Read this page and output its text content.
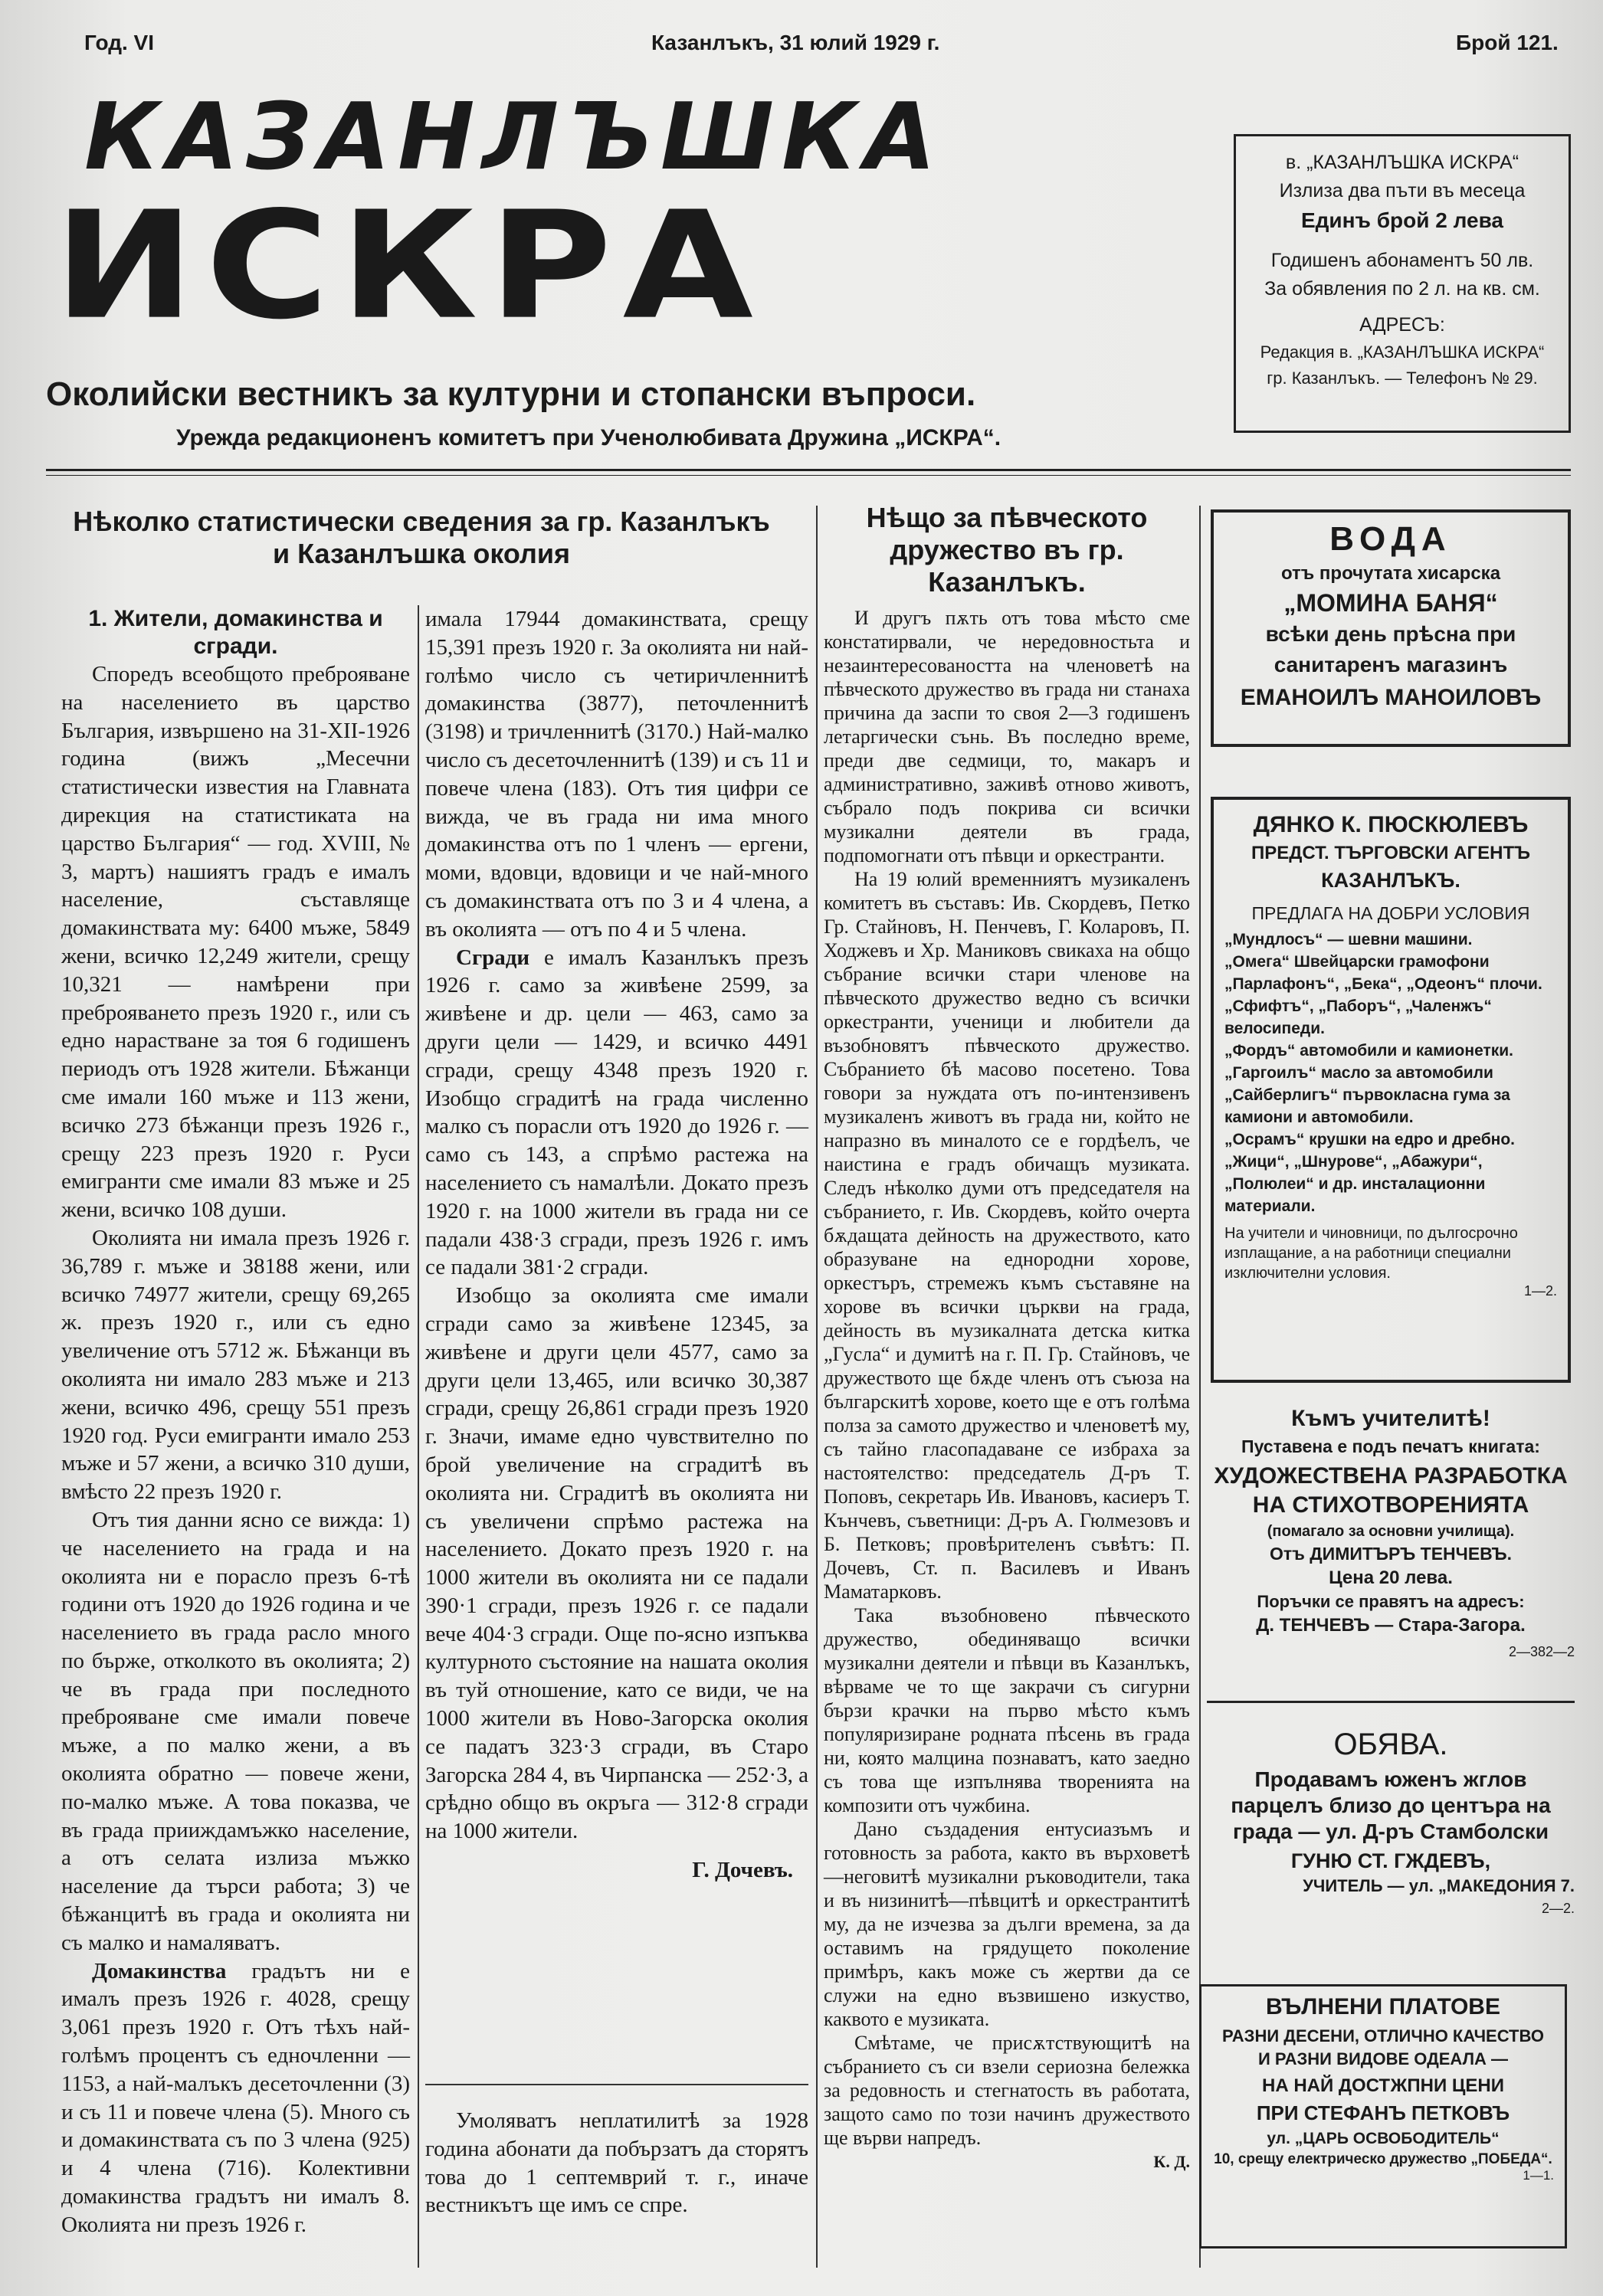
Год. VI	Казанлъкъ, 31 юлий 1929 г.	Брой 121.
КАЗАНЛЪШКА
ИСКРА
Околийски вестникъ за културни и стопански въпроси.
Урежда редакционенъ комитетъ при Ученолюбивата Дружина „ИСКРА“.
в. „КАЗАНЛЪШКА ИСКРА“
Излиза два пъти въ месеца
Единъ брой 2 лева
Годишенъ абонаментъ 50 лв.
За обявления по 2 л. на кв. см.
АДРЕСЪ:
Редакция в. „КАЗАНЛЪШКА ИСКРА“
гр. Казанлъкъ. — Телефонъ № 29.
Нѣколко статистически сведения за гр. Казанлъкъ и Казанлъшка околия
1. Жители, домакинства и сгради.

Споредъ всеобщото преброяване на населението въ царство България, извършено на 31-XII-1926 година (вижъ „Месечни статистически известия на Главната дирекция на статистиката на царство България“ — год. XVIII, № 3, мартъ) нашиятъ градъ е ималъ население, съставляще домакинствата му: 6400 мъже, 5849 жени, всичко 12,249 жители, срещу 10,321 — намѣрени при преброяването презъ 1920 г., или съ едно нарастване за тоя 6 годишенъ периодъ отъ 1928 жители. Бѣжанци сме имали 160 мъже и 113 жени, всичко 273 бѣжанци презъ 1926 г., срещу 223 презъ 1920 г. Руси емигранти сме имали 83 мъже и 25 жени, всичко 108 души.

Околията ни имала презъ 1926 г. 36,789 г. мъже и 38188 жени, или всичко 74977 жители, срещу 69,265 ж. презъ 1920 г., или съ едно увеличение отъ 5712 ж. Бѣжанци въ околията ни имало 283 мъже и 213 жени, всичко 496, срещу 551 презъ 1920 год. Руси емигранти имало 253 мъже и 57 жени, а всичко 310 души, вмѣсто 22 презъ 1920 г.

Отъ тия данни ясно се вижда: 1) че населението на града и на околията ни е порасло презъ 6-тѣ години отъ 1920 до 1926 година и че населението въ града расло много по бърже, отколкото въ околията; 2) че въ града при последното преброяване сме имали повече мъже, а по малко жени, а въ околията обратно — повече жени, по-малко мъже. А това показва, че въ града прииждамъжко население, а отъ селата излиза мъжко население да търси работа; 3) че бѣжанцитѣ въ града и околията ни съ малко и намаляватъ.

Домакинства градътъ ни е ималъ презъ 1926 г. 4028, срещу 3,061 презъ 1920 г. Отъ тѣхъ най-голѣмъ процентъ съ едночленни — 1153, а най-малъкъ десеточленни (3) и съ 11 и повече члена (5). Много съ и домакинствата съ по 3 члена (925) и 4 члена (716). Колективни домакинства градътъ ни ималъ 8. Околията ни презъ 1926 г.

имала 17944 домакинствата, срещу 15,391 презъ 1920 г. За околията ни най-голѣмо число съ четиричленнитѣ домакинства (3877), петочленнитѣ (3198) и тричленнитѣ (3170.) Най-малко число съ десеточленнитѣ (139) и съ 11 и повече члена (183). Отъ тия цифри се вижда, че въ града ни има много домакинства отъ по 1 членъ — ергени, моми, вдовци, вдовици и че най-много съ домакинствата отъ по 3 и 4 члена, а въ околията — отъ по 4 и 5 члена.

Сгради е ималъ Казанлъкъ презъ 1926 г. само за живѣене 2599, за живѣене и др. цели — 463, само за други цели — 1429, и всичко 4491 сгради, срещу 4348 презъ 1920 г. Изобщо сградитѣ на града численно малко съ порасли отъ 1920 до 1926 г. — само съ 143, а спрѣмо растежа на населението съ намалѣли. Докато презъ 1920 г. на 1000 жители въ града ни се падали 438·3 сгради, презъ 1926 г. имъ се падали 381·2 сгради.

Изобщо за околията сме имали сгради само за живѣене 12345, за живѣене и други цели 4577, само за други цели 13,465, или всичко 30,387 сгради, срещу 26,861 сгради презъ 1920 г. Значи, имаме едно чувствително по брой увеличение на сградитѣ въ околията ни. Сградитѣ въ околията ни съ увеличени спрѣмо растежа на населението. Докато презъ 1920 г. на 1000 жители въ околията ни се падали 390·1 сгради, презъ 1926 г. се падали вече 404·3 сгради. Още по-ясно изпъква културното състояние на нашата околия въ туй отношение, като се види, че на 1000 жители въ Ново-Загорска околия се падатъ 323·3 сгради, въ Старо Загорска 284 4, въ Чирпанска — 252·3, а срѣдно общо въ окръга — 312·8 сгради на 1000 жители.

Г. Дочевъ.

Умоляватъ неплатилитѣ за 1928 година абонати да побързатъ да сторятъ това до 1 септемврий т. г., иначе вестникътъ ще имъ се спре.

Нѣщо за пѣвческото дружество въ гр. Казанлъкъ.

И другъ пѫть отъ това мѣсто сме констатирвали, че нередовностьта и незаинтересоваността на членоветѣ на пѣвческото дружество въ града ни станаха причина да заспи то своя 2—3 годишенъ летаргически сънь. Въ последно време, преди две седмици, то, макаръ и административно, заживѣ отново животъ, събрало подъ покрива си всички музикални деятели въ града, подпомогнати отъ пѣвци и оркестранти.

На 19 юлий временниятъ музикаленъ комитетъ въ съставъ: Ив. Скордевъ, Петко Гр. Стайновъ, Н. Пенчевъ, Г. Коларовъ, П. Ходжевъ и Хр. Маниковъ свикаха на общо събрание всички стари членове на пѣвческото дружество ведно съ всички оркестранти, ученици и любители да възобновятъ пѣвческото дружество. Събранието бѣ масово посетено. Това говори за нуждата отъ по-интензивенъ музикаленъ животъ въ града ни, който не напразно въ миналото се е гордѣелъ, че наистина е градъ обичащъ музиката. Следъ нѣколко думи отъ председателя на събранието, г. Ив. Скордевъ, който очерта бѫдащата дейность на дружеството, като образуване на еднородни хорове, оркестъръ, стремежъ къмъ съставяне на хорове въ всички църкви на града, дейность въ музикалната детска китка „Гусла“ и думитѣ на г. П. Гр. Стайновъ, че дружеството ще бѫде членъ отъ съюза на българскитѣ хорове, което ще е отъ голѣма полза за самото дружество и членоветѣ му, съ тайно гласопадаване се избраха за настоятелство: председатель Д-ръ Т. Поповъ, секретарь Ив. Ивановъ, касиеръ Т. Кънчевъ, съветници: Д-ръ А. Гюлмезовъ и Б. Петковъ; провѣрителенъ съвѣтъ: П. Дочевъ, Ст. п. Василевъ и Иванъ Маматарковъ.

Така възобновено пѣвческото дружество, обединяващо всички музикални деятели и пѣвци въ Казанлъкъ, вѣрваме че то ще закрачи съ сигурни бързи крачки на първо мѣсто къмъ популяризиране родната пѣсень въ града ни, която малцина познаватъ, като заедно съ това ще изпълнява творенията на композити отъ чужбина.

Дано създадения ентусиазъмъ и готовность за работа, както въ върховетѣ—неговитѣ музикални ръководители, така и въ низинитѣ—пѣвцитѣ и оркестрантитѣ му, да не изчезва за дълги времена, за да оставимъ на грядущето поколение примѣръ, какъ може съ жертви да се служи на едно възвишено изкуство, каквото е музиката.

Смѣтаме, че присѫтствующитѣ на събранието съ си взели сериозна бележка за редовность и стегнатость въ работата, защото само по този начинъ дружеството ще върви напредъ.

К. Д.
ВОДА
отъ прочутата хисарска
„МОМИНА БАНЯ“
всѣки день прѣсна при
санитаренъ магазинъ
ЕМАНОИЛЪ МАНОИЛОВЪ
ДЯНКО К. ПЮСКЮЛЕВЪ
ПРЕДСТ. ТЪРГОВСКИ АГЕНТЪ
КАЗАНЛЪКЪ.
ПРЕДЛАГА НА ДОБРИ УСЛОВИЯ
„Мундлосъ“ — шевни машини.
„Омега“ Швейцарски грамофони
„Парлафонъ“, „Бека“, „Одеонъ“ плочи.
„Сфифтъ“, „Паборъ“, „Чаленжъ“ велосипеди.
„Фордъ“ автомобили и камионетки.
„Гаргоилъ“ масло за автомобили
„Сайберлигъ“ първокласна гума за камиони и автомобили.
„Осрамъ“ крушки на едро и дребно.
„Жици“, „Шнурове“, „Абажури“, „Полюлеи“ и др. инсталационни материали.
На учители и чиновници, по дългосрочно изплащание, а на работници специални изключителни условия.
1—2.
Къмъ учителитѣ!
Пуставена е подъ печатъ книгата:
ХУДОЖЕСТВЕНА РАЗРАБОТКА НА СТИХОТВОРЕНИЯТА
(помагало за основни училища).
Отъ ДИМИТЪРЪ ТЕНЧЕВЪ.
Цена 20 лева.
Поръчки се правятъ на адресъ:
Д. ТЕНЧЕВЪ — Стара-Загора.
2—382—2
ОБЯВА.
Продавамъ юженъ жглов парцелъ близо до центъра на града — ул. Д-ръ Стамболски
ГУНЮ СТ. ГЖДЕВЪ,
УЧИТЕЛЬ — ул. „МАКЕДОНИЯ 7.
2—2.
ВЪЛНЕНИ ПЛАТОВЕ
РАЗНИ ДЕСЕНИ, ОТЛИЧНО КАЧЕСТВО И РАЗНИ ВИДОВЕ ОДЕАЛА —
НА НАЙ ДОСТЖПНИ ЦЕНИ
ПРИ СТЕФАНЪ ПЕТКОВЪ
ул. „ЦАРЬ ОСВОБОДИТЕЛЬ“
10, срещу електрическо дружество „ПОБЕДА“.
1—1.
